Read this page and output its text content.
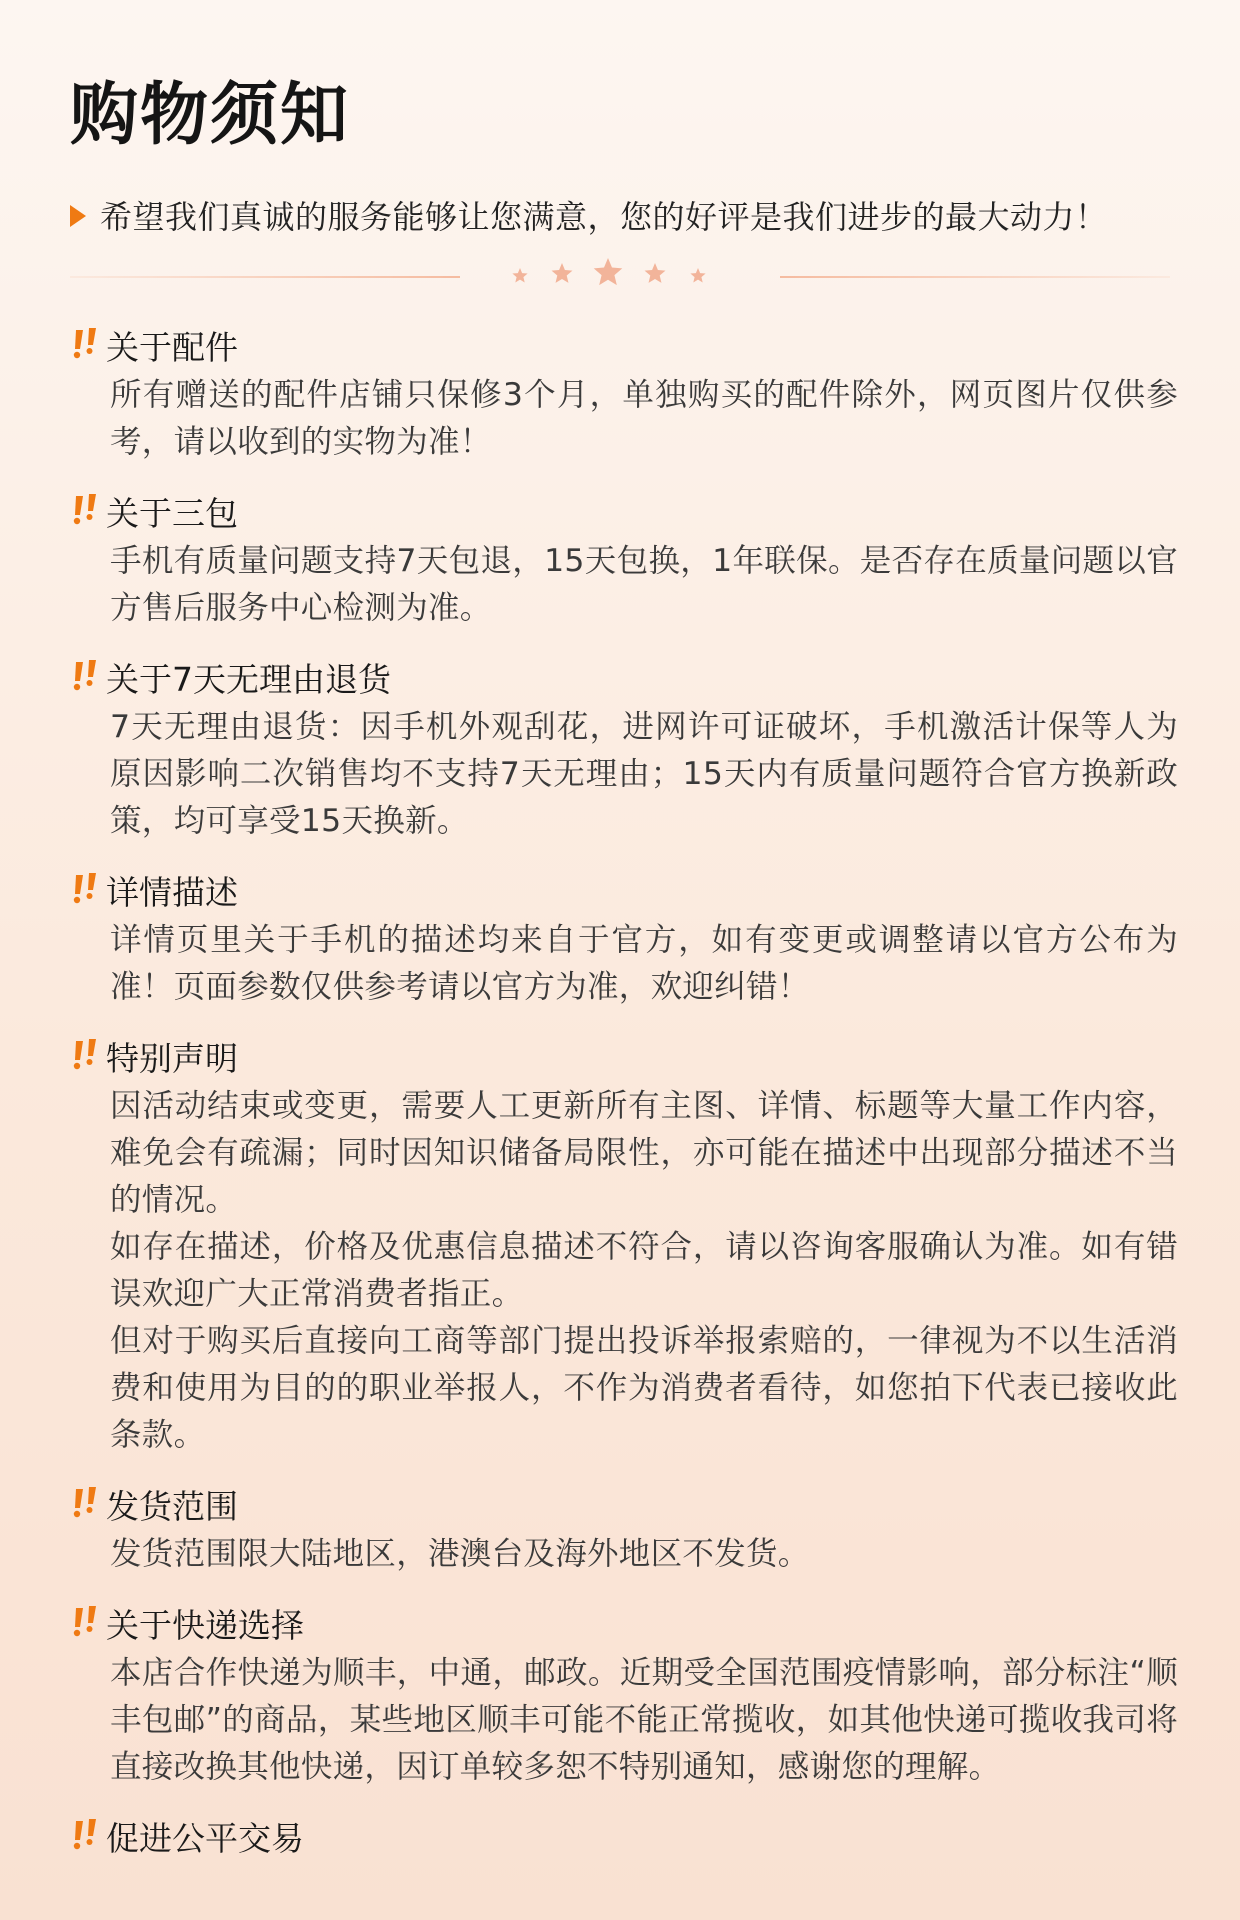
购物须知
希望我们真诚的服务能够让您满意，您的好评是我们进步的最大动力！
关于配件
所有赠送的配件店铺只保修3个月，单独购买的配件除外，网页图片仅供参考，请以收到的实物为准！
关于三包
手机有质量问题支持7天包退，15天包换，1年联保。是否存在质量问题以官方售后服务中心检测为准。
关于7天无理由退货
7天无理由退货：因手机外观刮花，进网许可证破坏，手机激活计保等人为原因影响二次销售均不支持7天无理由；15天内有质量问题符合官方换新政策，均可享受15天换新。
详情描述
详情页里关于手机的描述均来自于官方，如有变更或调整请以官方公布为准！页面参数仅供参考请以官方为准，欢迎纠错！
特别声明
因活动结束或变更，需要人工更新所有主图、详情、标题等大量工作内容，难免会有疏漏；同时因知识储备局限性，亦可能在描述中出现部分描述不当的情况。
如存在描述，价格及优惠信息描述不符合，请以咨询客服确认为准。如有错误欢迎广大正常消费者指正。
但对于购买后直接向工商等部门提出投诉举报索赔的，一律视为不以生活消费和使用为目的的职业举报人，不作为消费者看待，如您拍下代表已接收此条款。
发货范围
发货范围限大陆地区，港澳台及海外地区不发货。
关于快递选择
本店合作快递为顺丰，中通，邮政。近期受全国范围疫情影响，部分标注“顺丰包邮”的商品，某些地区顺丰可能不能正常揽收，如其他快递可揽收我司将直接改换其他快递，因订单较多恕不特别通知，感谢您的理解。
促进公平交易
